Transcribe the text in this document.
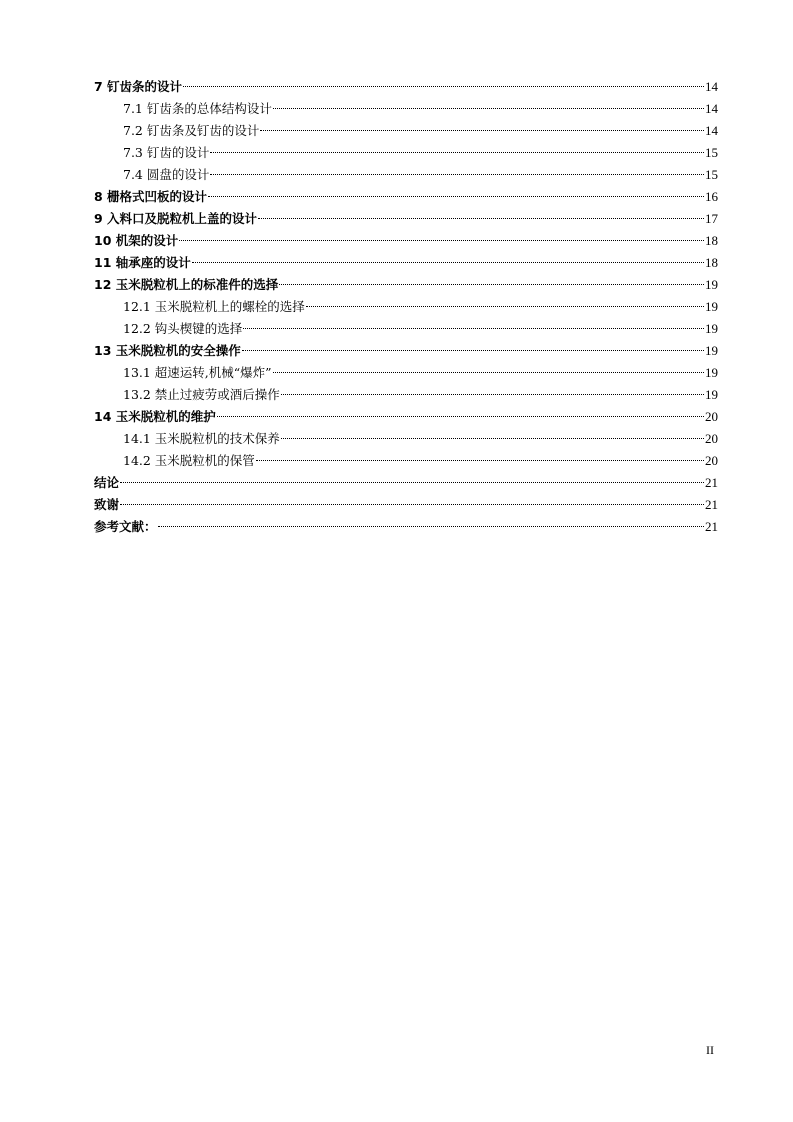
7 钉齿条的设计	14
7.1 钉齿条的总体结构设计	14
7.2 钉齿条及钉齿的设计	14
7.3 钉齿的设计	15
7.4 圆盘的设计	15
8 栅格式凹板的设计	16
9 入料口及脱粒机上盖的设计	17
10 机架的设计	18
11 轴承座的设计	18
12 玉米脱粒机上的标准件的选择	19
12.1 玉米脱粒机上的螺栓的选择	19
12.2 钩头楔键的选择	19
13 玉米脱粒机的安全操作	19
13.1 超速运转,机械“爆炸”	19
13.2 禁止过疲劳或酒后操作	19
14 玉米脱粒机的维护	20
14.1 玉米脱粒机的技术保养	20
14.2 玉米脱粒机的保管	20
结论	21
致谢	21
参考文献：	21
II
